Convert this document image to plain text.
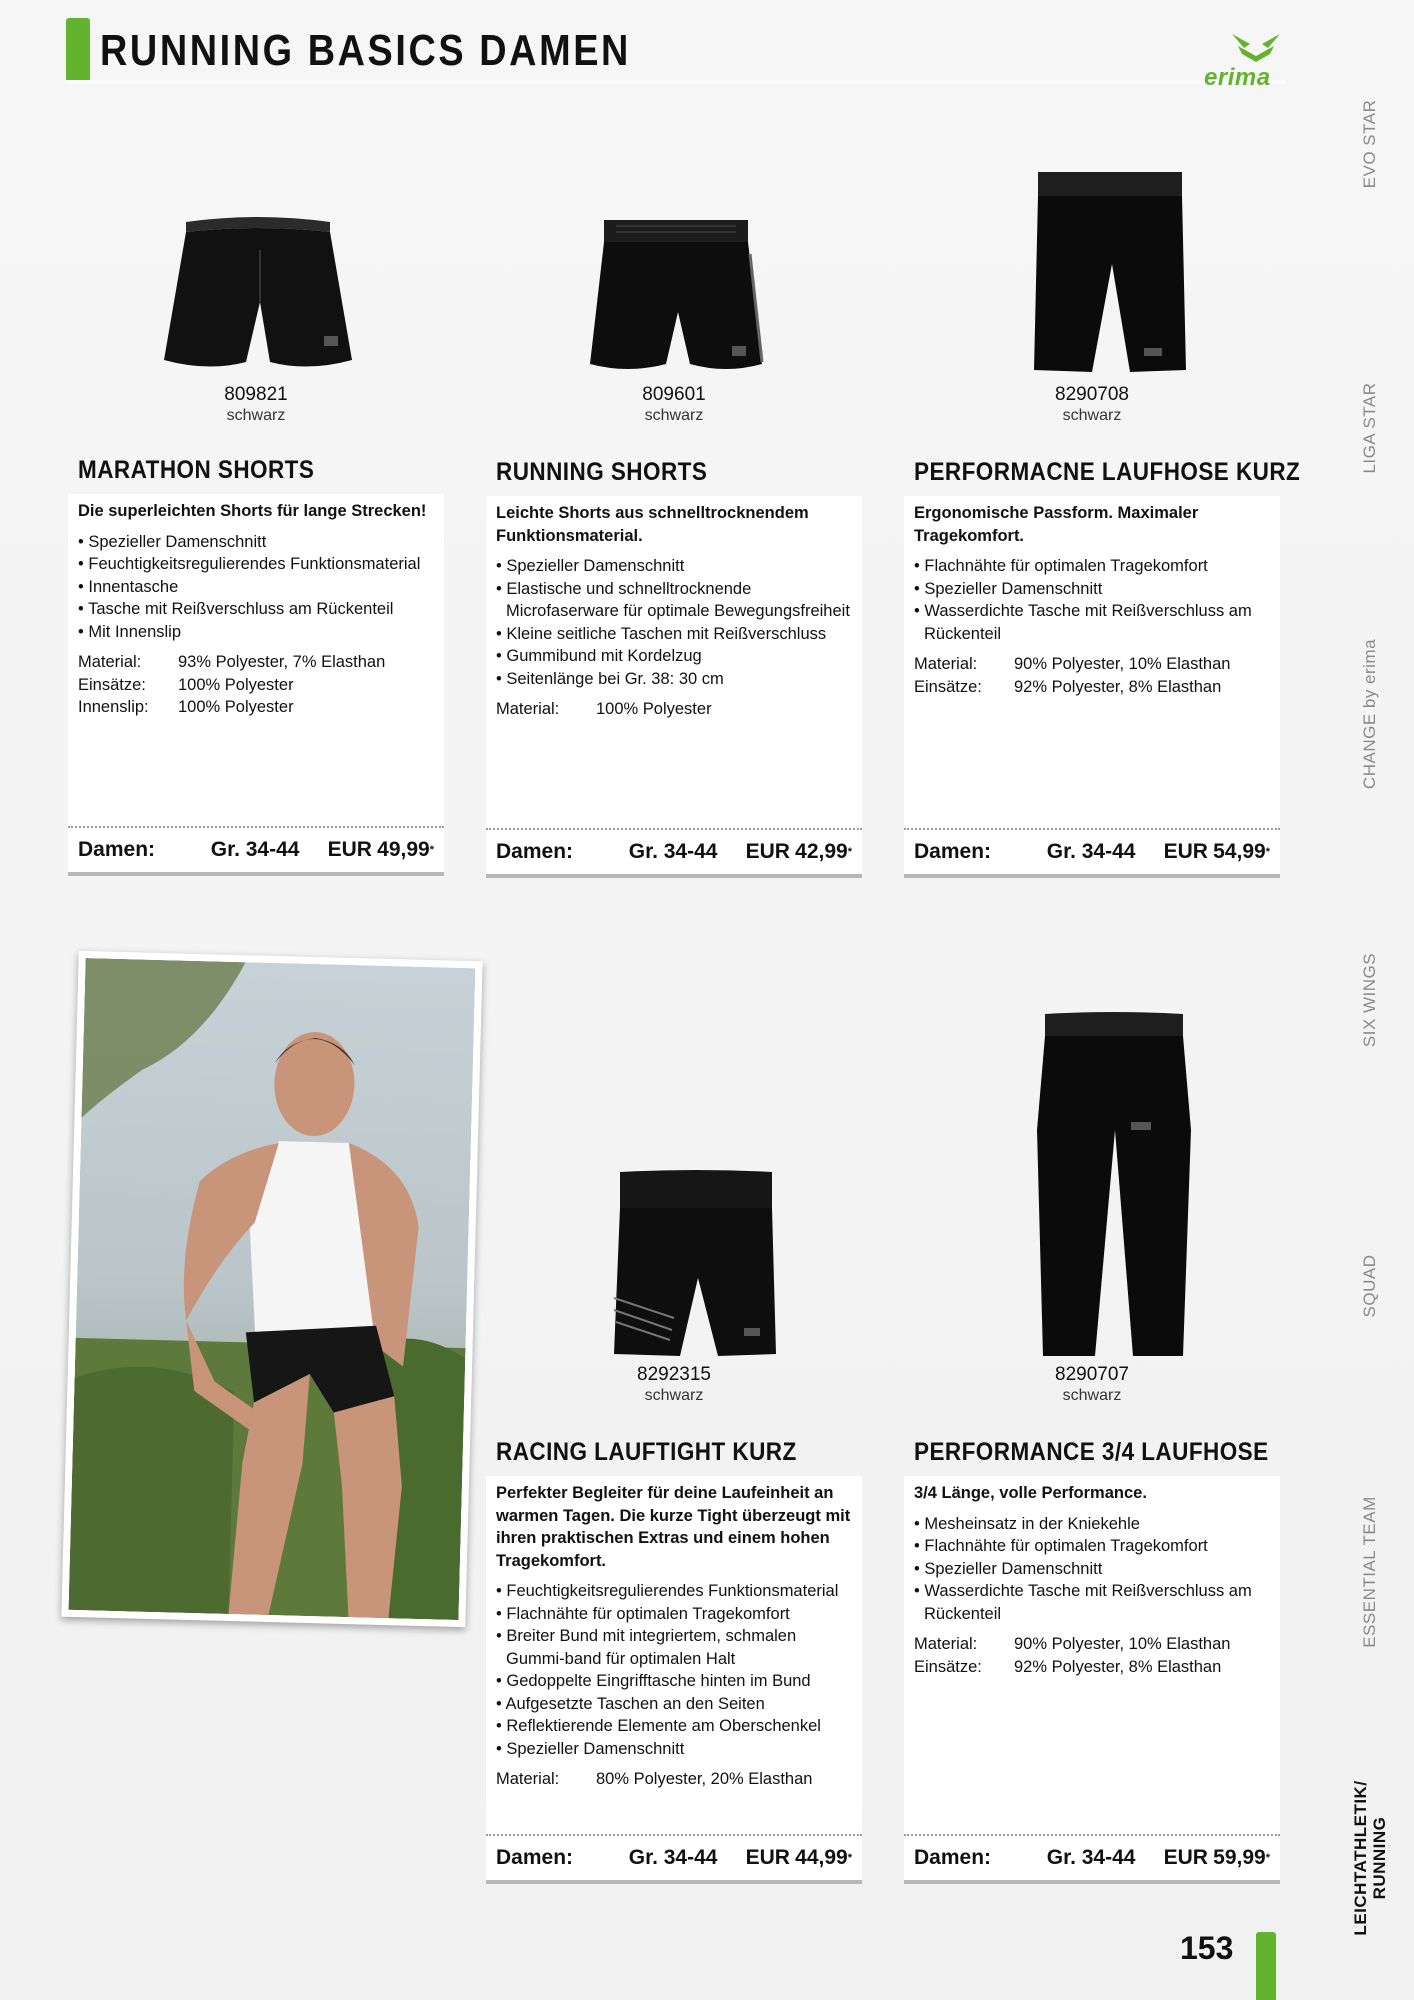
RUNNING BASICS DAMEN
erima
EVO STAR
LIGA STAR
CHANGE by erima
SIX WINGS
SQUAD
ESSENTIAL TEAM
LEICHTATHLETIK/ RUNNING
809821
schwarz
MARATHON SHORTS
Die superleichten Shorts für lange Strecken!
• Spezieller Damenschnitt
• Feuchtigkeitsregulierendes Funktionsmaterial
• Innentasche
• Tasche mit Reißverschluss am Rückenteil
• Mit Innenslip
Material:	93% Polyester, 7% Elasthan
Einsätze:	100% Polyester
Innenslip:	100% Polyester
Damen:	Gr. 34-44	EUR 49,99 *
809601
schwarz
RUNNING SHORTS
Leichte Shorts aus schnelltrocknendem Funktionsmaterial.
• Spezieller Damenschnitt
• Elastische und schnelltrocknende Microfaserware für optimale Bewegungsfreiheit
• Kleine seitliche Taschen mit Reißverschluss
• Gummibund mit Kordelzug
• Seitenlänge bei Gr. 38: 30 cm
Material:	100% Polyester
Damen:	Gr. 34-44	EUR 42,99 *
8290708
schwarz
PERFORMACNE LAUFHOSE KURZ
Ergonomische Passform. Maximaler Tragekomfort.
• Flachnähte für optimalen Tragekomfort
• Spezieller Damenschnitt
• Wasserdichte Tasche mit Reißverschluss am Rückenteil
Material:	90% Polyester, 10% Elasthan
Einsätze:	92% Polyester, 8% Elasthan
Damen:	Gr. 34-44	EUR 54,99 *
8292315
schwarz
RACING LAUFTIGHT KURZ
Perfekter Begleiter für deine Laufeinheit an warmen Tagen. Die kurze Tight überzeugt mit ihren praktischen Extras und einem hohen Tragekomfort.
• Feuchtigkeitsregulierendes Funktionsmaterial
• Flachnähte für optimalen Tragekomfort
• Breiter Bund mit integriertem, schmalen Gummi-band für optimalen Halt
• Gedoppelte Eingrifftasche hinten im Bund
• Aufgesetzte Taschen an den Seiten
• Reflektierende Elemente am Oberschenkel
• Spezieller Damenschnitt
Material:	80% Polyester, 20% Elasthan
Damen:	Gr. 34-44	EUR 44,99 *
8290707
schwarz
PERFORMANCE 3/4 LAUFHOSE
3/4 Länge, volle Performance.
• Mesheinsatz in der Kniekehle
• Flachnähte für optimalen Tragekomfort
• Spezieller Damenschnitt
• Wasserdichte Tasche mit Reißverschluss am Rückenteil
Material:	90% Polyester, 10% Elasthan
Einsätze:	92% Polyester, 8% Elasthan
Damen:	Gr. 34-44	EUR 59,99 *
153
